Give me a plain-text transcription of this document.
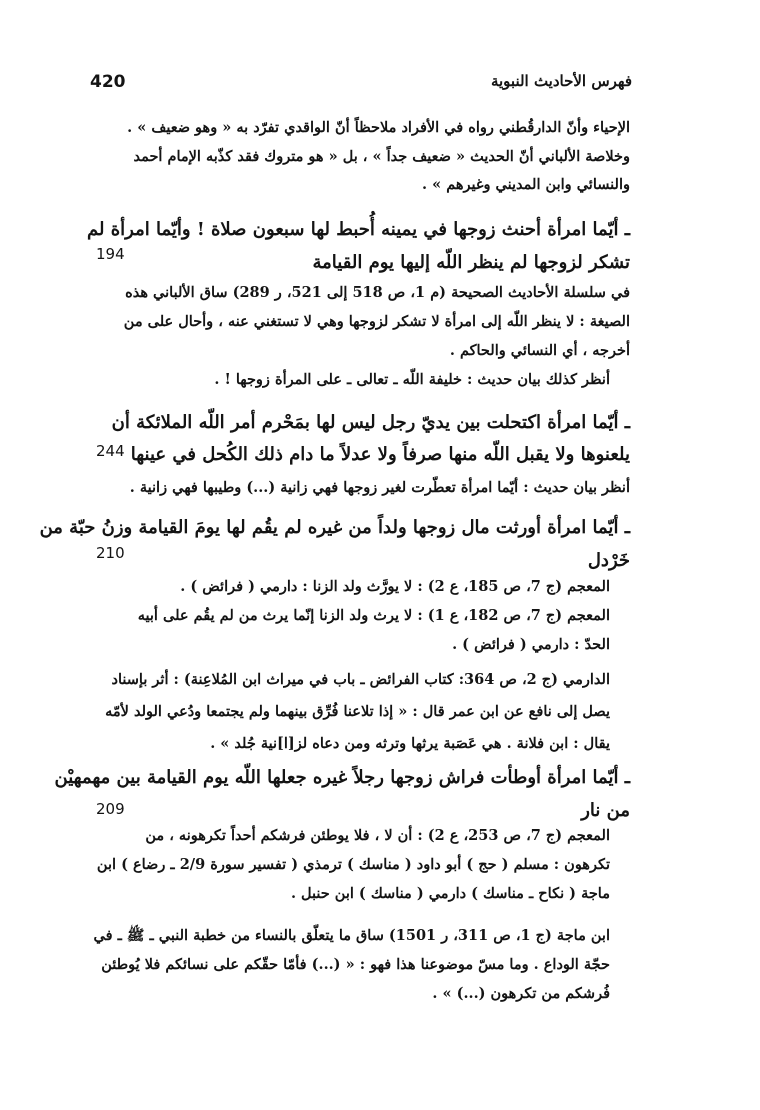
فهرس الأحاديث النبوية
420
الإحياء وأنّ الدارقُطني رواه في الأفراد ملاحظاً أنّ الواقدي تفرّد به « وهو ضعيف » .
وخلاصة الألباني أنّ الحديث « ضعيف جداً » ، بل « هو متروك فقد كذّبه الإمام أحمد
والنسائي وابن المديني وغيرهم » .
ـ أيّما امرأة أحنث زوجها في يمينه أُحبط لها سبعون صلاة ! وأيّما امرأة لم
تشكر لزوجها لم ينظر اللّه إليها يوم القيامة
194
في سلسلة الأحاديث الصحيحة (م 1، ص 518 إلى 521، ر 289) ساق الألباني هذه
الصيغة : لا ينظر اللّه إلى امرأة لا تشكر لزوجها وهي لا تستغني عنه ، وأحال على من
أخرجه ، أي النسائي والحاكم .
أنظر كذلك بيان حديث : خليفة اللّه ـ تعالى ـ على المرأة زوجها ! .
ـ أيّما امرأة اكتحلت بين يديّ رجل ليس لها بمَحْرم أمر اللّه الملائكة أن
يلعنوها ولا يقبل اللّه منها صرفاً ولا عدلاً ما دام ذلك الكُحل في عينها
244
أنظر بيان حديث : أيّما امرأة تعطّرت لغير زوجها فهي زانية (...) وطيبها فهي زانية .
ـ أيّما امرأة أورثت مال زوجها ولداً من غيره لم يقُم لها يومَ القيامة وزنُ حبّة من
خَرْدل
210
المعجم (ج 7، ص 185، ع 2) : لا يورَّث ولد الزنا : دارمي ( فرائض ) .
المعجم (ج 7، ص 182، ع 1) : لا يرث ولد الزنا إنّما يرث من لم يقُم على أبيه
الحدّ : دارمي ( فرائض ) .
الدارمي (ج 2، ص 364: كتاب الفرائض ـ باب في ميراث ابن المُلاعِنة) : أثر بإسناد
يصل إلى نافع عن ابن عمر قال : « إذا تلاعنا فُرِّق بينهما ولم يجتمعا ودُعي الولد لأمّه
يقال : ابن فلانة . هي عَصَبة يرثها وترثه ومن دعاه لز[ا]نية جُلد » .
ـ أيّما امرأة أوطأت فراش زوجها رجلاً غيره جعلها اللّه يوم القيامة بين مهمهيْن
من نار
209
المعجم (ج 7، ص 253، ع 2) : أن لا ، فلا يوطئن فرشكم أحداً تكرهونه ، من
تكرهون : مسلم ( حج ) أبو داود ( مناسك ) ترمذي ( تفسير سورة 2/9 ـ رضاع ) ابن
ماجة ( نكاح ـ مناسك ) دارمي ( مناسك ) ابن حنبل .
ابن ماجة (ج 1، ص 311، ر 1501) ساق ما يتعلّق بالنساء من خطبة النبي ـ ﷺ ـ في
حجّة الوداع . وما مسّ موضوعنا هذا فهو : « (...) فأمّا حقّكم على نسائكم فلا يُوطئن
فُرشكم من تكرهون (...) » .
